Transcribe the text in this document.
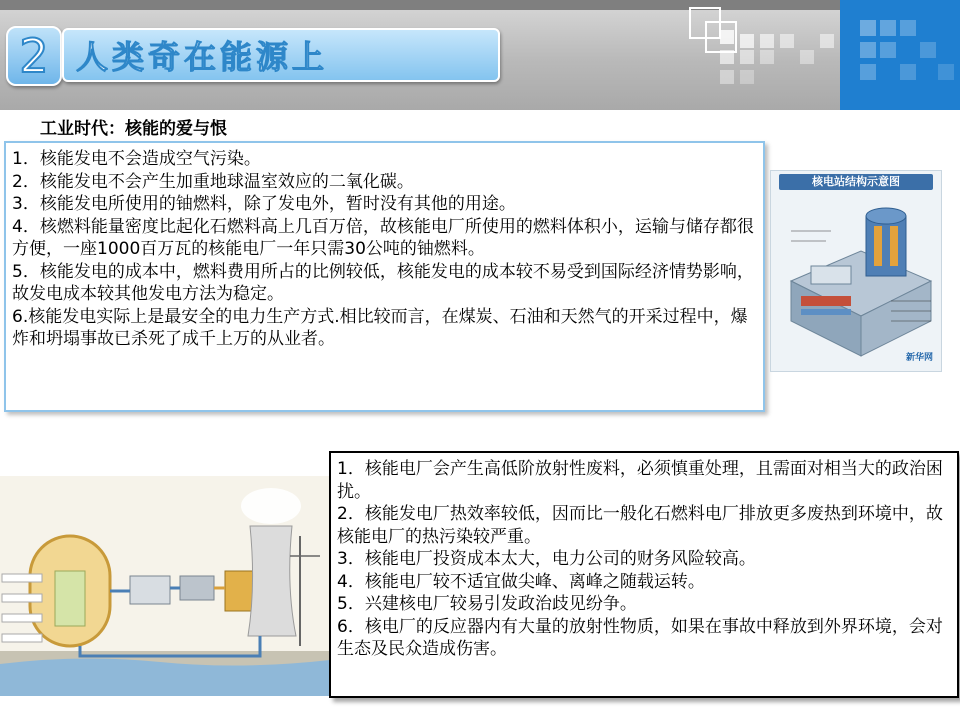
2 人类奇在能源上
工业时代：核能的爱与恨

1．核能发电不会造成空气污染。

2．核能发电不会产生加重地球温室效应的二氧化碳。

3．核能发电所使用的铀燃料，除了发电外，暂时没有其他的用途。

4．核燃料能量密度比起化石燃料高上几百万倍，故核能电厂所使用的燃料体积小，运输与储存都很方便，一座1000百万瓦的核能电厂一年只需30公吨的铀燃料。

5．核能发电的成本中，燃料费用所占的比例较低，核能发电的成本较不易受到国际经济情势影响，故发电成本较其他发电方法为稳定。

6.核能发电实际上是最安全的电力生产方式.相比较而言，在煤炭、石油和天然气的开采过程中，爆炸和坍塌事故已杀死了成千上万的从业者。

核电站结构示意图
新华网

1．核能电厂会产生高低阶放射性废料，必须慎重处理，且需面对相当大的政治困扰。

2．核能发电厂热效率较低，因而比一般化石燃料电厂排放更多废热到环境中，故核能电厂的热污染较严重。

3．核能电厂投资成本太大，电力公司的财务风险较高。

4．核能电厂较不适宜做尖峰、离峰之随载运转。

5．兴建核电厂较易引发政治歧见纷争。

6．核电厂的反应器内有大量的放射性物质，如果在事故中释放到外界环境，会对生态及民众造成伤害。
